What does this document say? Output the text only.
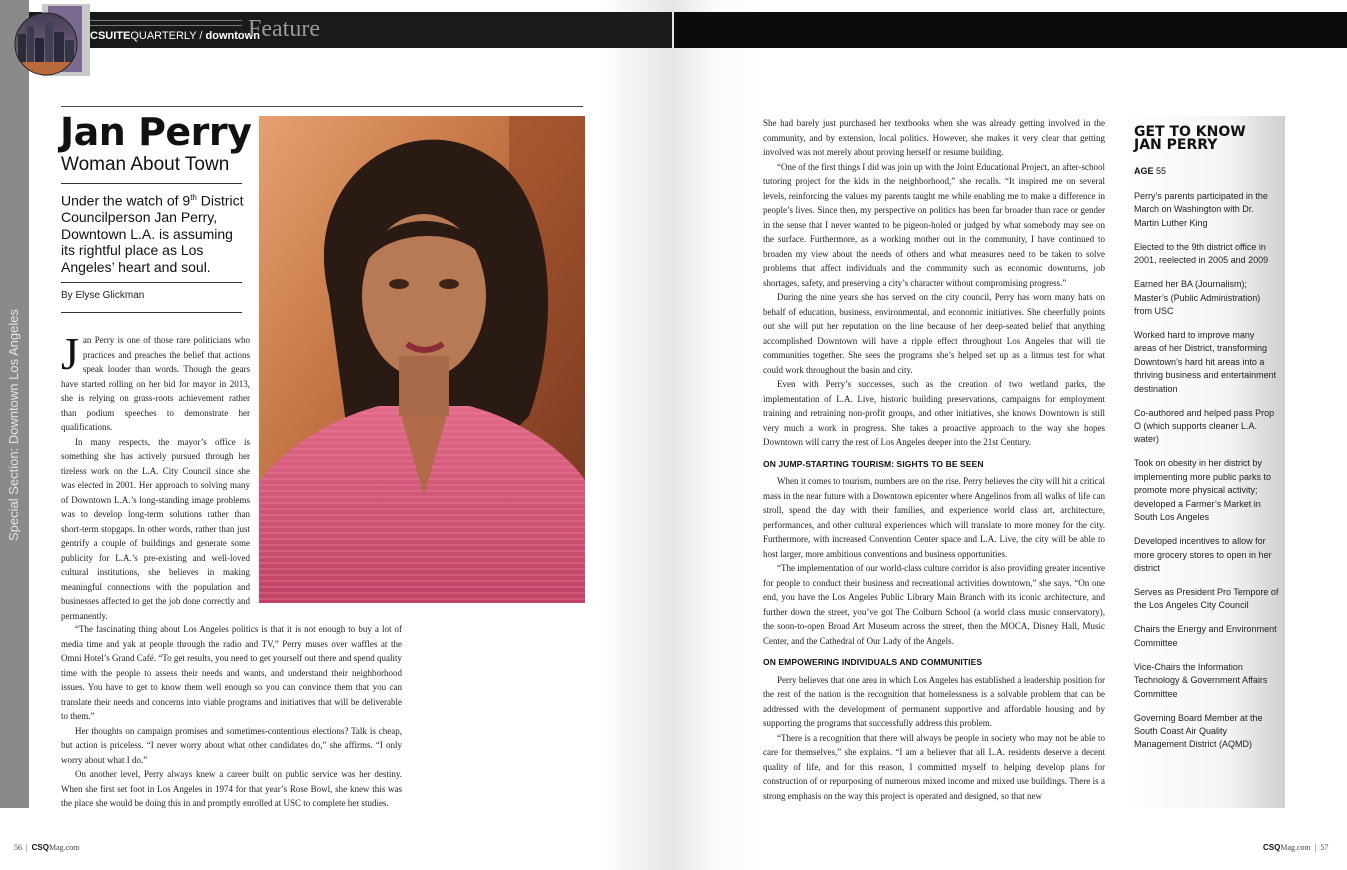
Special Section: Downtown Los Angeles
CSUITEQUARTERLY / downtown
Feature
Jan Perry
Woman About Town
Under the watch of 9th District Councilperson Jan Perry, Downtown L.A. is assuming its rightful place as Los Angeles’ heart and soul.
By Elyse Glickman
J an Perry is one of those rare politicians who practices and preaches the belief that actions speak louder than words. Though the gears have started rolling on her bid for mayor in 2013, she is relying on grass-roots achievement rather than podium speeches to demonstrate her qualifications.

In many respects, the mayor’s office is something she has actively pursued through her tireless work on the L.A. City Council since she was elected in 2001. Her approach to solving many of Downtown L.A.’s long-standing image problems was to develop long-term solutions rather than short-term stopgaps. In other words, rather than just gentrify a couple of buildings and generate some publicity for L.A.’s pre-existing and well-loved cultural institutions, she believes in making meaningful connections with the population and businesses affected to get the job done correctly and permanently.

“The fascinating thing about Los Angeles politics is that it is not enough to buy a lot of media time and yak at people through the radio and TV,” Perry muses over waffles at the Omni Hotel’s Grand Café. “To get results, you need to get yourself out there and spend quality time with the people to assess their needs and wants, and understand their neighborhood issues. You have to get to know them well enough so you can convince them that you can translate their needs and concerns into viable programs and initiatives that will be deliverable to them.”

Her thoughts on campaign promises and sometimes-contentious elections? Talk is cheap, but action is priceless. “I never worry about what other candidates do,” she affirms. “I only worry about what I do.”

On another level, Perry always knew a career built on public service was her destiny. When she first set foot in Los Angeles in 1974 for that year’s Rose Bowl, she knew this was the place she would be doing this in and promptly enrolled at USC to complete her studies.

She had barely just purchased her textbooks when she was already getting involved in the community, and by extension, local politics. However, she makes it very clear that getting involved was not merely about proving herself or resume building.

“One of the first things I did was join up with the Joint Educational Project, an after-school tutoring project for the kids in the neighborhood,” she recalls. “It inspired me on several levels, reinforcing the values my parents taught me while enabling me to make a difference in people’s lives. Since then, my perspective on politics has been far broader than race or gender in the sense that I never wanted to be pigeon-holed or judged by what somebody may see on the surface. Furthermore, as a working mother out in the community, I have continued to broaden my view about the needs of others and what measures need to be taken to solve problems that affect individuals and the community such as economic downturns, job shortages, safety, and preserving a city’s character without compromising progress.”

During the nine years she has served on the city council, Perry has worn many hats on behalf of education, business, environmental, and economic initiatives. She cheerfully points out she will put her reputation on the line because of her deep-seated belief that anything accomplished Downtown will have a ripple effect throughout Los Angeles that will tie communities together. She sees the programs she’s helped set up as a litmus test for what could work throughout the basin and city.

Even with Perry’s successes, such as the creation of two wetland parks, the implementation of L.A. Live, historic building preservations, campaigns for employment training and retraining non-profit groups, and other initiatives, she knows Downtown is still very much a work in progress. She takes a proactive approach to the way she hopes Downtown will carry the rest of Los Angeles deeper into the 21st Century.

ON JUMP-STARTING TOURISM: SIGHTS TO BE SEEN

When it comes to tourism, numbers are on the rise. Perry believes the city will hit a critical mass in the near future with a Downtown epicenter where Angelinos from all walks of life can stroll, spend the day with their families, and experience world class art, architecture, performances, and other cultural experiences which will translate to more money for the city. Furthermore, with increased Convention Center space and L.A. Live, the city will be able to host larger, more ambitious conventions and business opportunities.

“The implementation of our world-class culture corridor is also providing greater incentive for people to conduct their business and recreational activities downtown,” she says. “On one end, you have the Los Angeles Public Library Main Branch with its iconic architecture, and further down the street, you’ve got The Colburn School (a world class music conservatory), the soon-to-open Broad Art Museum across the street, then the MOCA, Disney Hall, Music Center, and the Cathedral of Our Lady of the Angels.

ON EMPOWERING INDIVIDUALS AND COMMUNITIES

Perry believes that one area in which Los Angeles has established a leadership position for the rest of the nation is the recognition that homelessness is a solvable problem that can be addressed with the development of permanent supportive and affordable housing and by supporting the programs that successfully address this problem.

“There is a recognition that there will always be people in society who may not be able to care for themselves,” she explains. “I am a believer that all L.A. residents deserve a decent quality of life, and for this reason, I committed myself to helping develop plans for construction of or repurposing of numerous mixed income and mixed use buildings. There is a strong emphasis on the way this project is operated and designed, so that new

GET TO KNOW
JAN PERRY
AGE 55
Perry’s parents participated in the March on Washington with Dr. Martin Luther King
Elected to the 9th district office in 2001, reelected in 2005 and 2009
Earned her BA (Journalism); Master’s (Public Administration) from USC
Worked hard to improve many areas of her District, transforming Downtown’s hard hit areas into a thriving business and entertainment destination
Co-authored and helped pass Prop O (which supports cleaner L.A. water)
Took on obesity in her district by implementing more public parks to promote more physical activity; developed a Farmer’s Market in South Los Angeles
Developed incentives to allow for more grocery stores to open in her district
Serves as President Pro Tempore of the Los Angeles City Council
Chairs the Energy and Environment Committee
Vice-Chairs the Information Technology & Government Affairs Committee
Governing Board Member at the South Coast Air Quality Management District (AQMD)
56 | CSQMag.com	CSQMag.com | 57
